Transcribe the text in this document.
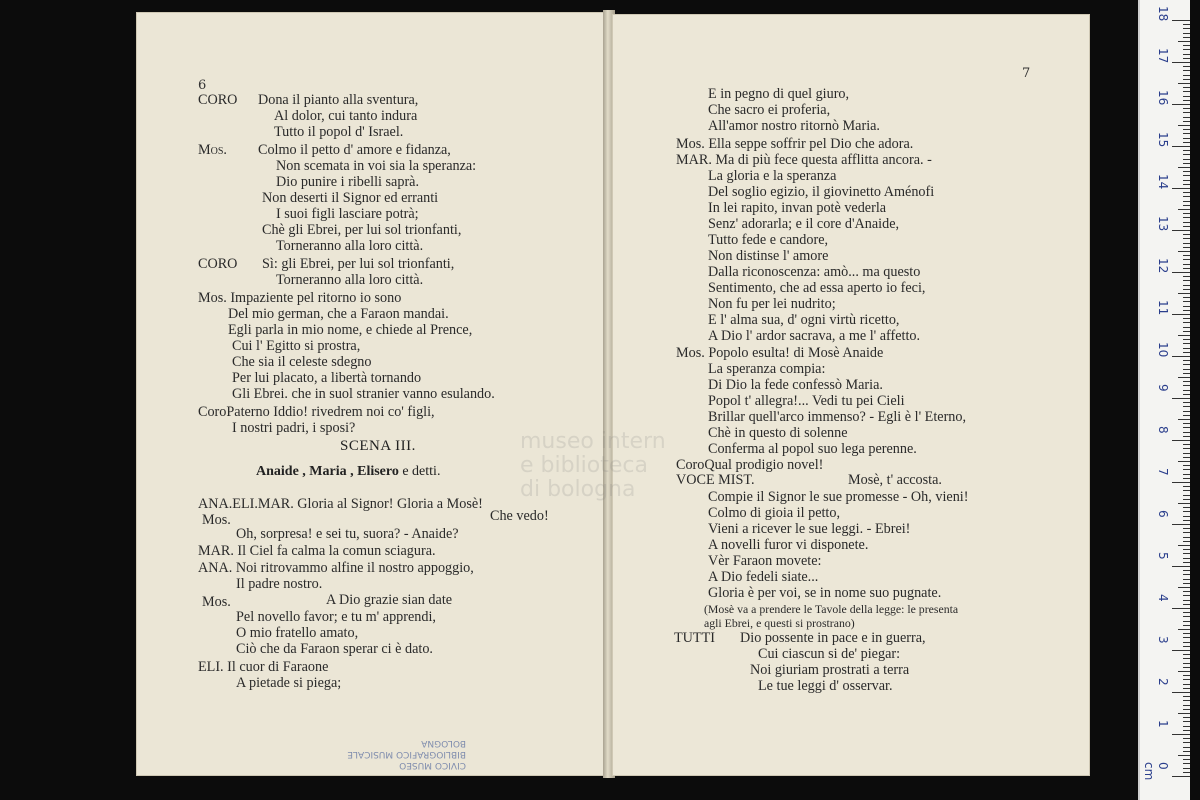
6
CORO Dona il pianto alla sventura,
Al dolor, cui tanto indura
Tutto il popol d' Israel.
Mos. Colmo il petto d' amore e fidanza,
Non scemata in voi sia la speranza:
Dio punire i ribelli saprà.
Non deserti il Signor ed erranti
I suoi figli lasciare potrà;
Chè gli Ebrei, per lui sol trionfanti,
Torneranno alla loro città.
CORO Sì: gli Ebrei, per lui sol trionfanti,
Torneranno alla loro città.
Mos. Impaziente pel ritorno io sono
Del mio german, che a Faraon mandai.
Egli parla in mio nome, e chiede al Prence,
Cui l' Egitto si prostra,
Che sia il celeste sdegno
Per lui placato, a libertà tornando
Gli Ebrei. che in suol stranier vanno esulando.
CoroPaterno Iddio! rivedrem noi co' figli,
I nostri padri, i sposi?
SCENA III.
Anaide , Maria , Elisero e detti.
ANA.ELI.MAR. Gloria al Signor! Gloria a Mosè!
Mos.	Che vedo!
Oh, sorpresa! e sei tu, suora? - Anaide?
MAR. Il Ciel fa calma la comun sciagura.
ANA. Noi ritrovammo alfine il nostro appoggio,
Il padre nostro.
Mos.	A Dio grazie sian date
Pel novello favor; e tu m' apprendi,
O mio fratello amato,
Ciò che da Faraon sperar ci è dato.
ELI. Il cuor di Faraone
A pietade si piega;
CIVICO MUSEO
BIBLIOGRAFICO MUSICALE
BOLOGNA
7
E in pegno di quel giuro,
Che sacro ei proferia,
All'amor nostro ritornò Maria.
Mos. Ella seppe soffrir pel Dio che adora.
MAR. Ma di più fece questa afflitta ancora. -
La gloria e la speranza
Del soglio egizio, il giovinetto Aménofi
In lei rapito, invan potè vederla
Senz' adorarla; e il core d'Anaide,
Tutto fede e candore,
Non distinse l' amore
Dalla riconoscenza: amò... ma questo
Sentimento, che ad essa aperto io feci,
Non fu per lei nudrito;
E l' alma sua, d' ogni virtù ricetto,
A Dio l' ardor sacrava, a me l' affetto.
Mos. Popolo esulta! di Mosè Anaide
La speranza compia:
Di Dio la fede confessò Maria.
Popol t' allegra!... Vedi tu pei Cieli
Brillar quell'arco immenso? - Egli è l' Eterno,
Chè in questo di solenne
Conferma al popol suo lega perenne.
CoroQual prodigio novel!
VOCE MIST.	Mosè, t' accosta.
Compie il Signor le sue promesse - Oh, vieni!
Colmo di gioia il petto,
Vieni a ricever le sue leggi. - Ebrei!
A novelli furor vi disponete.
Vèr Faraon movete:
A Dio fedeli siate...
Gloria è per voi, se in nome suo pugnate.
(Mosè va a prendere le Tavole della legge: le presenta
agli Ebrei, e questi si prostrano)
TUTTI Dio possente in pace e in guerra,
Cui ciascun si de' piegar:
Noi giuriam prostrati a terra
Le tue leggi d' osservar.
museo intern
e biblioteca
di bologna
18
17
16
15
14
13
12
11
10
9
8
7
6
5
4
3
2
1
0 cm
